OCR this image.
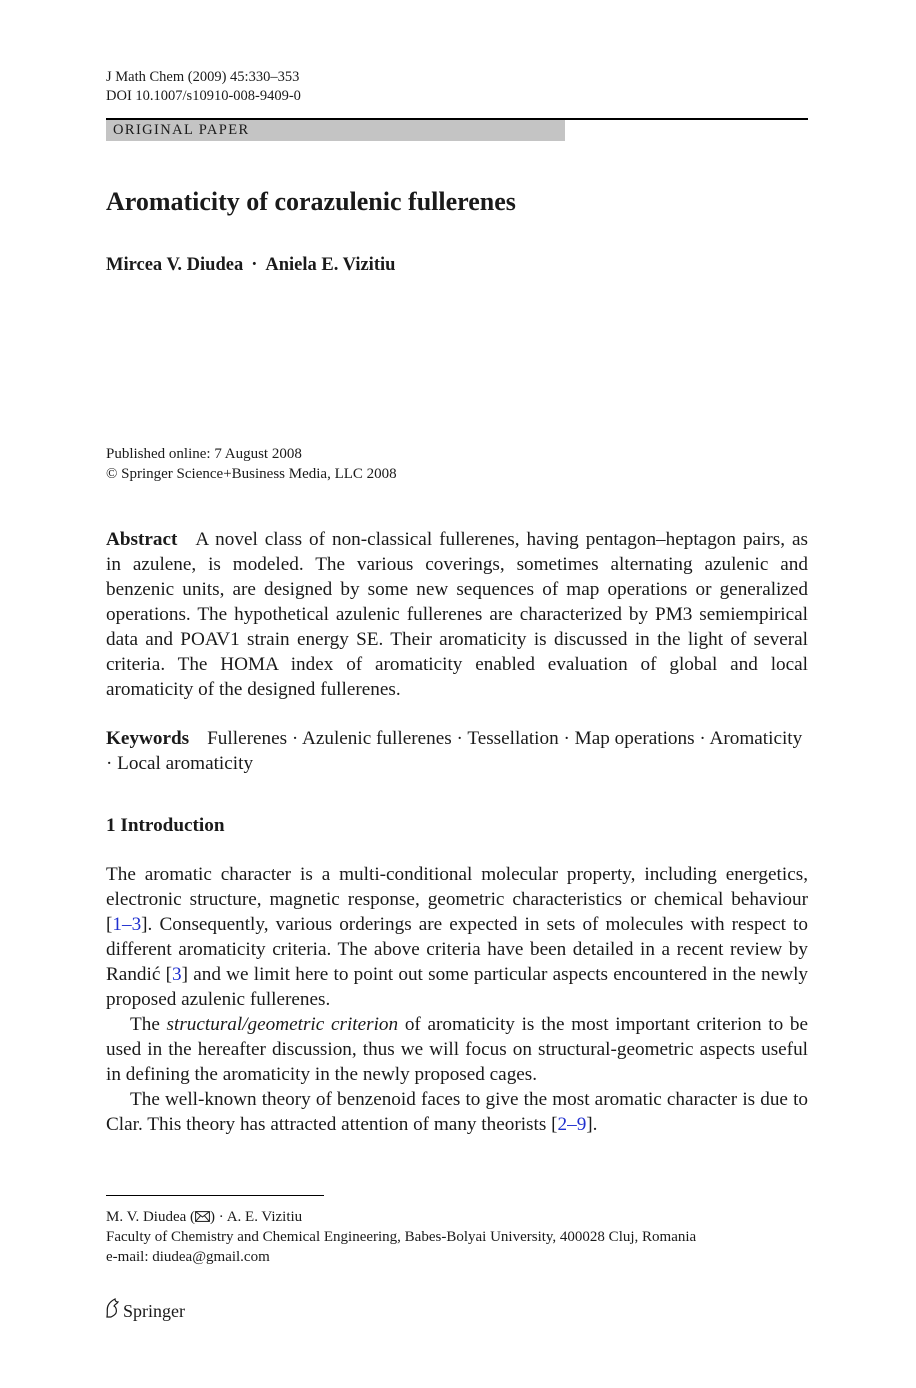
J Math Chem (2009) 45:330–353
DOI 10.1007/s10910-008-9409-0
ORIGINAL PAPER
Aromaticity of corazulenic fullerenes
Mircea V. Diudea · Aniela E. Vizitiu
Published online: 7 August 2008
© Springer Science+Business Media, LLC 2008
Abstract A novel class of non-classical fullerenes, having pentagon–heptagon pairs, as in azulene, is modeled. The various coverings, sometimes alternating azulenic and benzenic units, are designed by some new sequences of map operations or generalized operations. The hypothetical azulenic fullerenes are characterized by PM3 semiempirical data and POAV1 strain energy SE. Their aromaticity is discussed in the light of several criteria. The HOMA index of aromaticity enabled evaluation of global and local aromaticity of the designed fullerenes.
Keywords Fullerenes · Azulenic fullerenes · Tessellation · Map operations · Aromaticity · Local aromaticity
1 Introduction

The aromatic character is a multi-conditional molecular property, including energetics, electronic structure, magnetic response, geometric characteristics or chemical behaviour [1–3]. Consequently, various orderings are expected in sets of molecules with respect to different aromaticity criteria. The above criteria have been detailed in a recent review by Randić [3] and we limit here to point out some particular aspects encountered in the newly proposed azulenic fullerenes.

The structural/geometric criterion of aromaticity is the most important criterion to be used in the hereafter discussion, thus we will focus on structural-geometric aspects useful in defining the aromaticity in the newly proposed cages.

The well-known theory of benzenoid faces to give the most aromatic character is due to Clar. This theory has attracted attention of many theorists [2–9].

M. V. Diudea ( ) · A. E. Vizitiu
Faculty of Chemistry and Chemical Engineering, Babes-Bolyai University, 400028 Cluj, Romania
e-mail: diudea@gmail.com
Springer
